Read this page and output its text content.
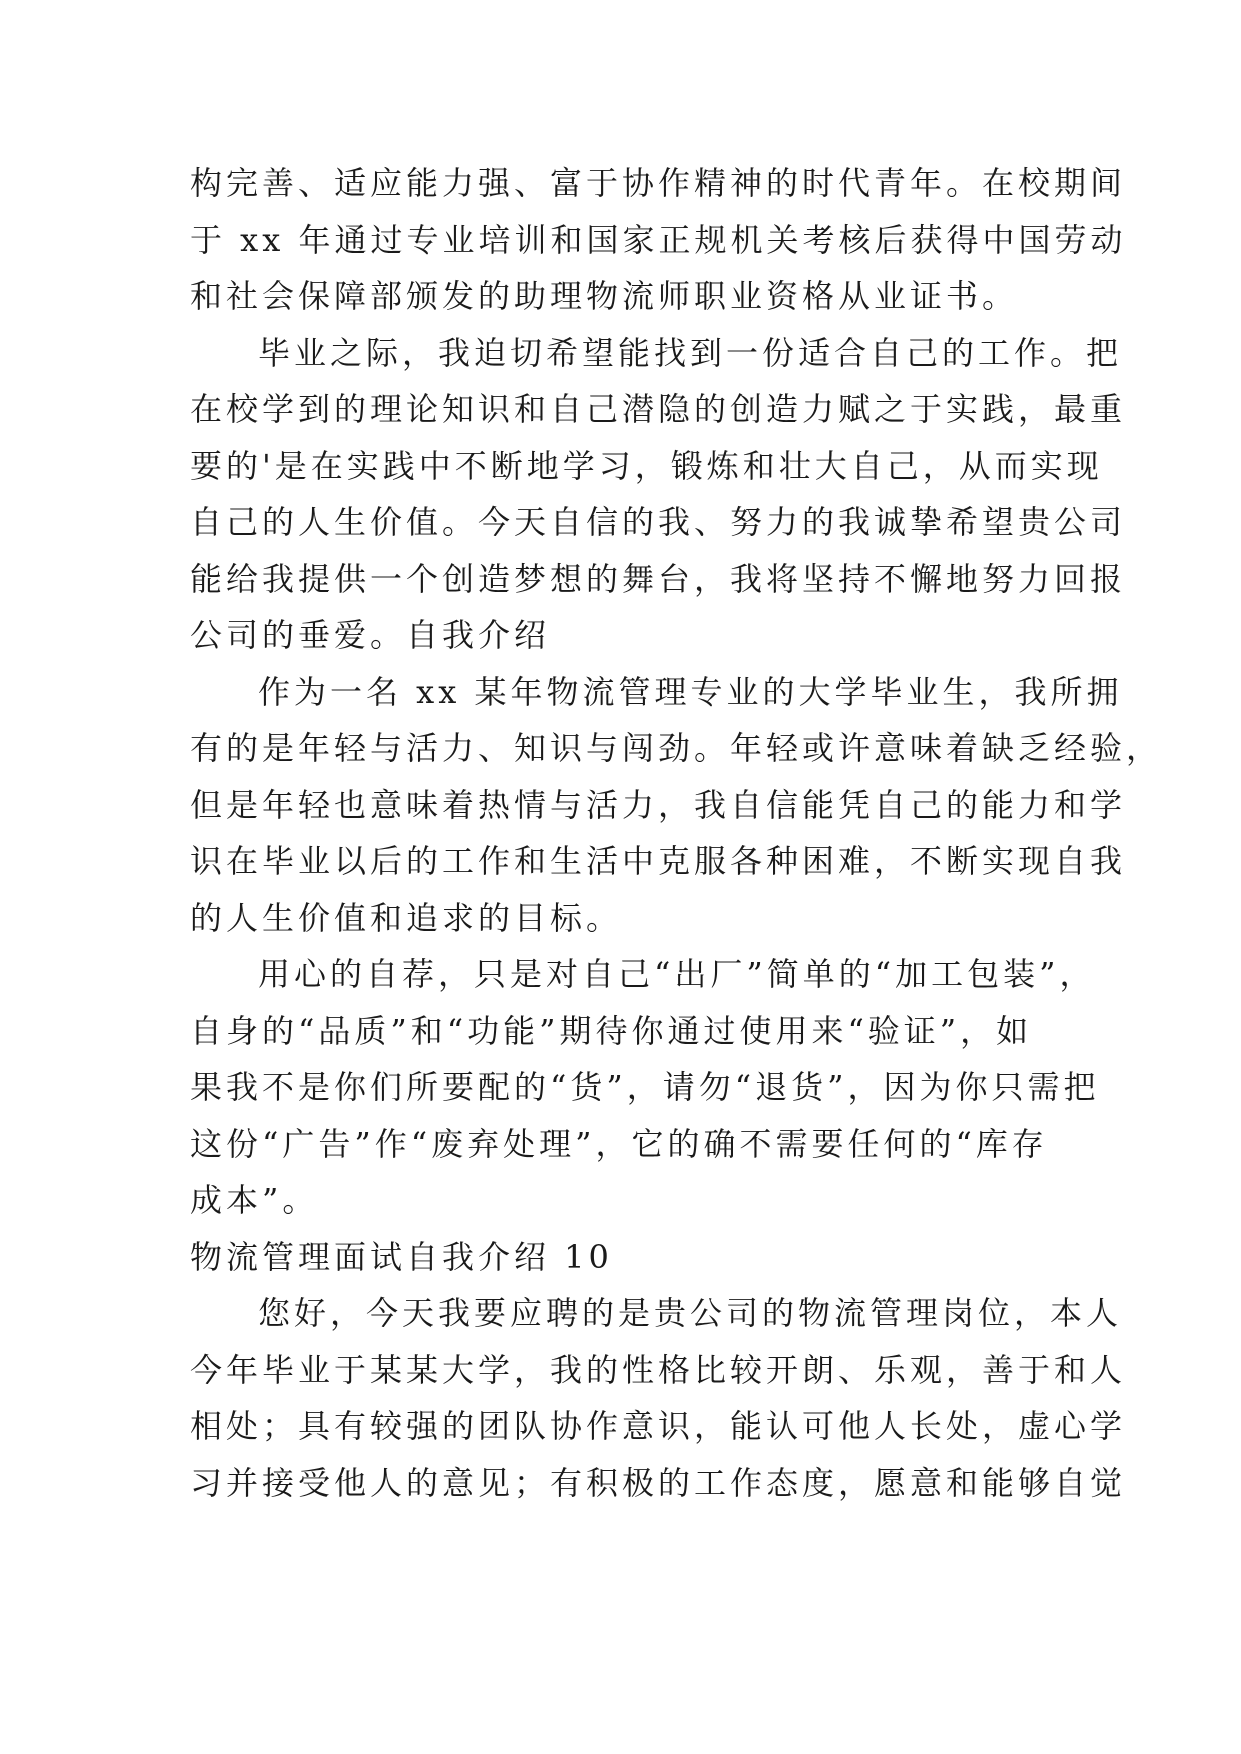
构完善、适应能力强、富于协作精神的时代青年。在校期间
于 xx 年通过专业培训和国家正规机关考核后获得中国劳动
和社会保障部颁发的助理物流师职业资格从业证书。
毕业之际，我迫切希望能找到一份适合自己的工作。把
在校学到的理论知识和自己潜隐的创造力赋之于实践，最重
要的'是在实践中不断地学习，锻炼和壮大自己，从而实现
自己的人生价值。今天自信的我、努力的我诚挚希望贵公司
能给我提供一个创造梦想的舞台，我将坚持不懈地努力回报
公司的垂爱。自我介绍
作为一名 xx 某年物流管理专业的大学毕业生，我所拥
有的是年轻与活力、知识与闯劲。年轻或许意味着缺乏经验，
但是年轻也意味着热情与活力，我自信能凭自己的能力和学
识在毕业以后的工作和生活中克服各种困难，不断实现自我
的人生价值和追求的目标。
用心的自荐，只是对自己“出厂”简单的“加工包装”，
自身的“品质”和“功能”期待你通过使用来“验证”，如
果我不是你们所要配的“货”，请勿“退货”，因为你只需把
这份“广告”作“废弃处理”，它的确不需要任何的“库存
成本”。
物流管理面试自我介绍 10
您好，今天我要应聘的是贵公司的物流管理岗位，本人
今年毕业于某某大学，我的性格比较开朗、乐观，善于和人
相处；具有较强的团队协作意识，能认可他人长处，虚心学
习并接受他人的意见；有积极的工作态度，愿意和能够自觉
